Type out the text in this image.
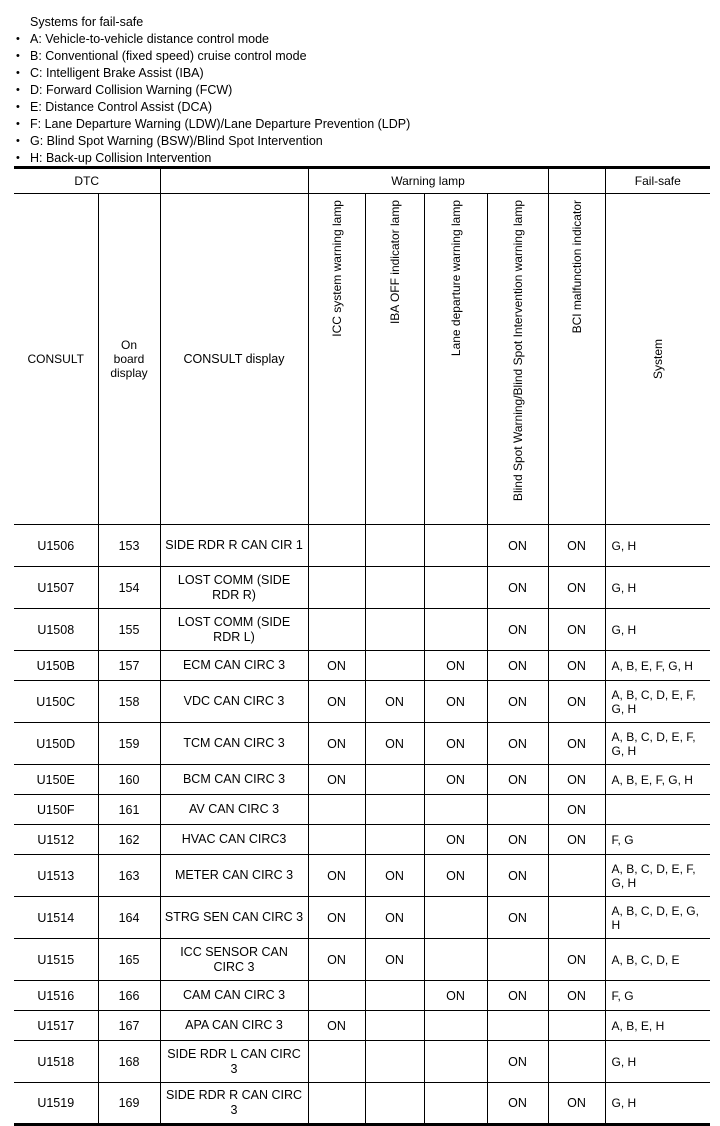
Systems for fail-safe
• A: Vehicle-to-vehicle distance control mode
• B: Conventional (fixed speed) cruise control mode
• C: Intelligent Brake Assist (IBA)
• D: Forward Collision Warning (FCW)
• E: Distance Control Assist (DCA)
• F: Lane Departure Warning (LDW)/Lane Departure Prevention (LDP)
• G: Blind Spot Warning (BSW)/Blind Spot Intervention
• H: Back-up Collision Intervention
DTC			Warning lamp					Fail-safe
CONSULT	On
board
display	CONSULT display	ICC system warning lamp	IBA OFF indicator lamp	Lane departure warning lamp	Blind Spot Warning/Blind Spot Intervention warning lamp	BCI malfunction indicator	System

U1506	153	SIDE RDR R CAN CIR 1				ON	ON	G, H
U1507	154	LOST COMM (SIDE RDR R)				ON	ON	G, H
U1508	155	LOST COMM (SIDE RDR L)				ON	ON	G, H
U150B	157	ECM CAN CIRC 3	ON		ON	ON	ON	A, B, E, F, G, H
U150C	158	VDC CAN CIRC 3	ON	ON	ON	ON	ON	A, B, C, D, E, F, G, H
U150D	159	TCM CAN CIRC 3	ON	ON	ON	ON	ON	A, B, C, D, E, F, G, H
U150E	160	BCM CAN CIRC 3	ON		ON	ON	ON	A, B, E, F, G, H
U150F	161	AV CAN CIRC 3					ON	
U1512	162	HVAC CAN CIRC3			ON	ON	ON	F, G
U1513	163	METER CAN CIRC 3	ON	ON	ON	ON		A, B, C, D, E, F, G, H
U1514	164	STRG SEN CAN CIRC 3	ON	ON		ON		A, B, C, D, E, G, H
U1515	165	ICC SENSOR CAN CIRC 3	ON	ON			ON	A, B, C, D, E
U1516	166	CAM CAN CIRC 3			ON	ON	ON	F, G
U1517	167	APA CAN CIRC 3	ON					A, B, E, H
U1518	168	SIDE RDR L CAN CIRC 3				ON		G, H
U1519	169	SIDE RDR R CAN CIRC 3				ON	ON	G, H
